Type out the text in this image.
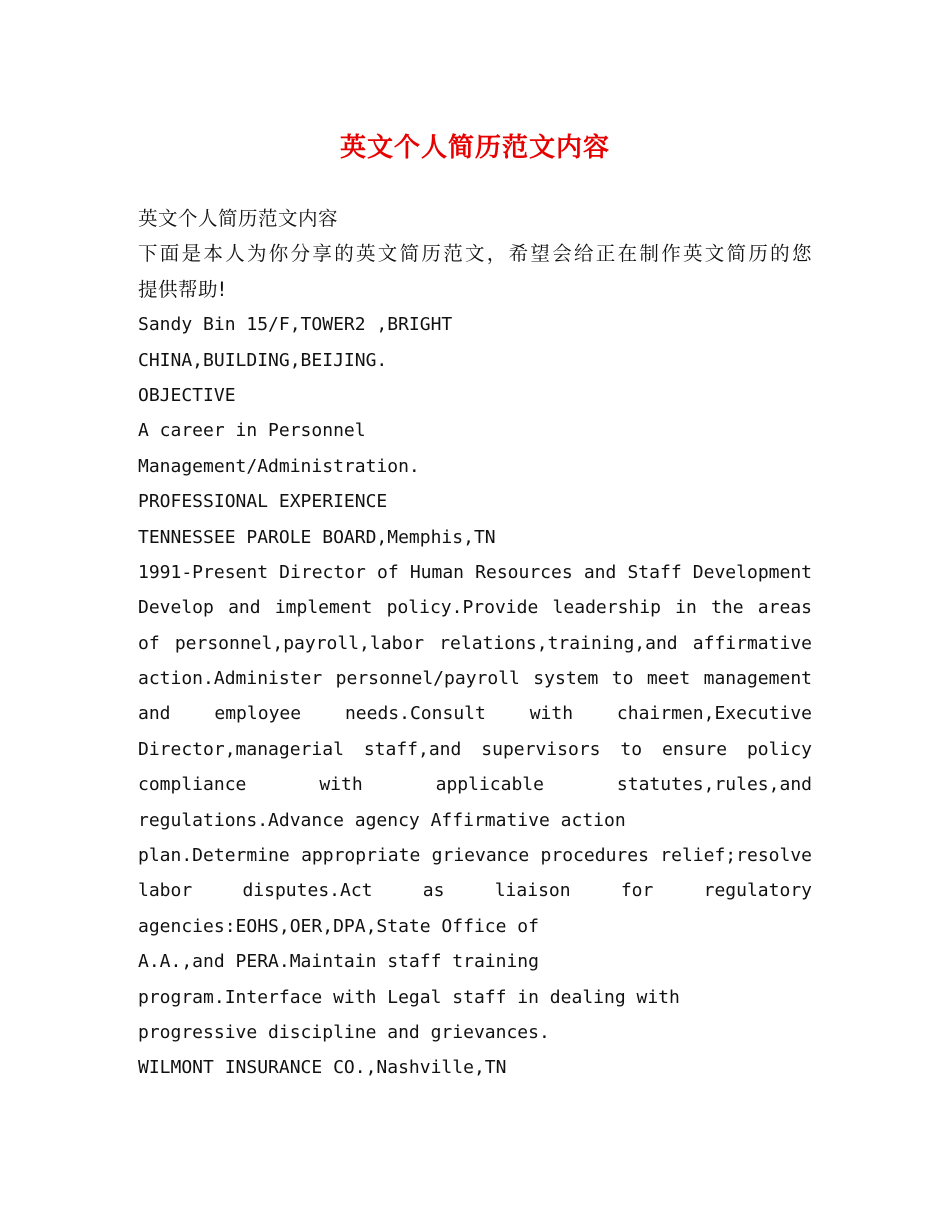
英文个人简历范文内容
英文个人简历范文内容
下面是本人为你分享的英文简历范文，希望会给正在制作英文简历的您
提供帮助!
Sandy Bin 15/F,TOWER2 ,BRIGHT
CHINA,BUILDING,BEIJING.
OBJECTIVE
A career in Personnel
Management/Administration.
PROFESSIONAL EXPERIENCE
TENNESSEE PAROLE BOARD,Memphis,TN
1991-Present Director of Human Resources and Staff Development
Develop and implement policy.Provide leadership in the areas
of personnel,payroll,labor relations,training,and affirmative
action.Administer personnel/payroll system to meet management
and employee needs.Consult with chairmen,Executive
Director,managerial staff,and supervisors to ensure policy
compliance with applicable statutes,rules,and
regulations.Advance agency Affirmative action
plan.Determine appropriate grievance procedures relief;resolve
labor disputes.Act as liaison for regulatory
agencies:EOHS,OER,DPA,State Office of
A.A.,and PERA.Maintain staff training
program.Interface with Legal staff in dealing with
progressive discipline and grievances.
WILMONT INSURANCE CO.,Nashville,TN
